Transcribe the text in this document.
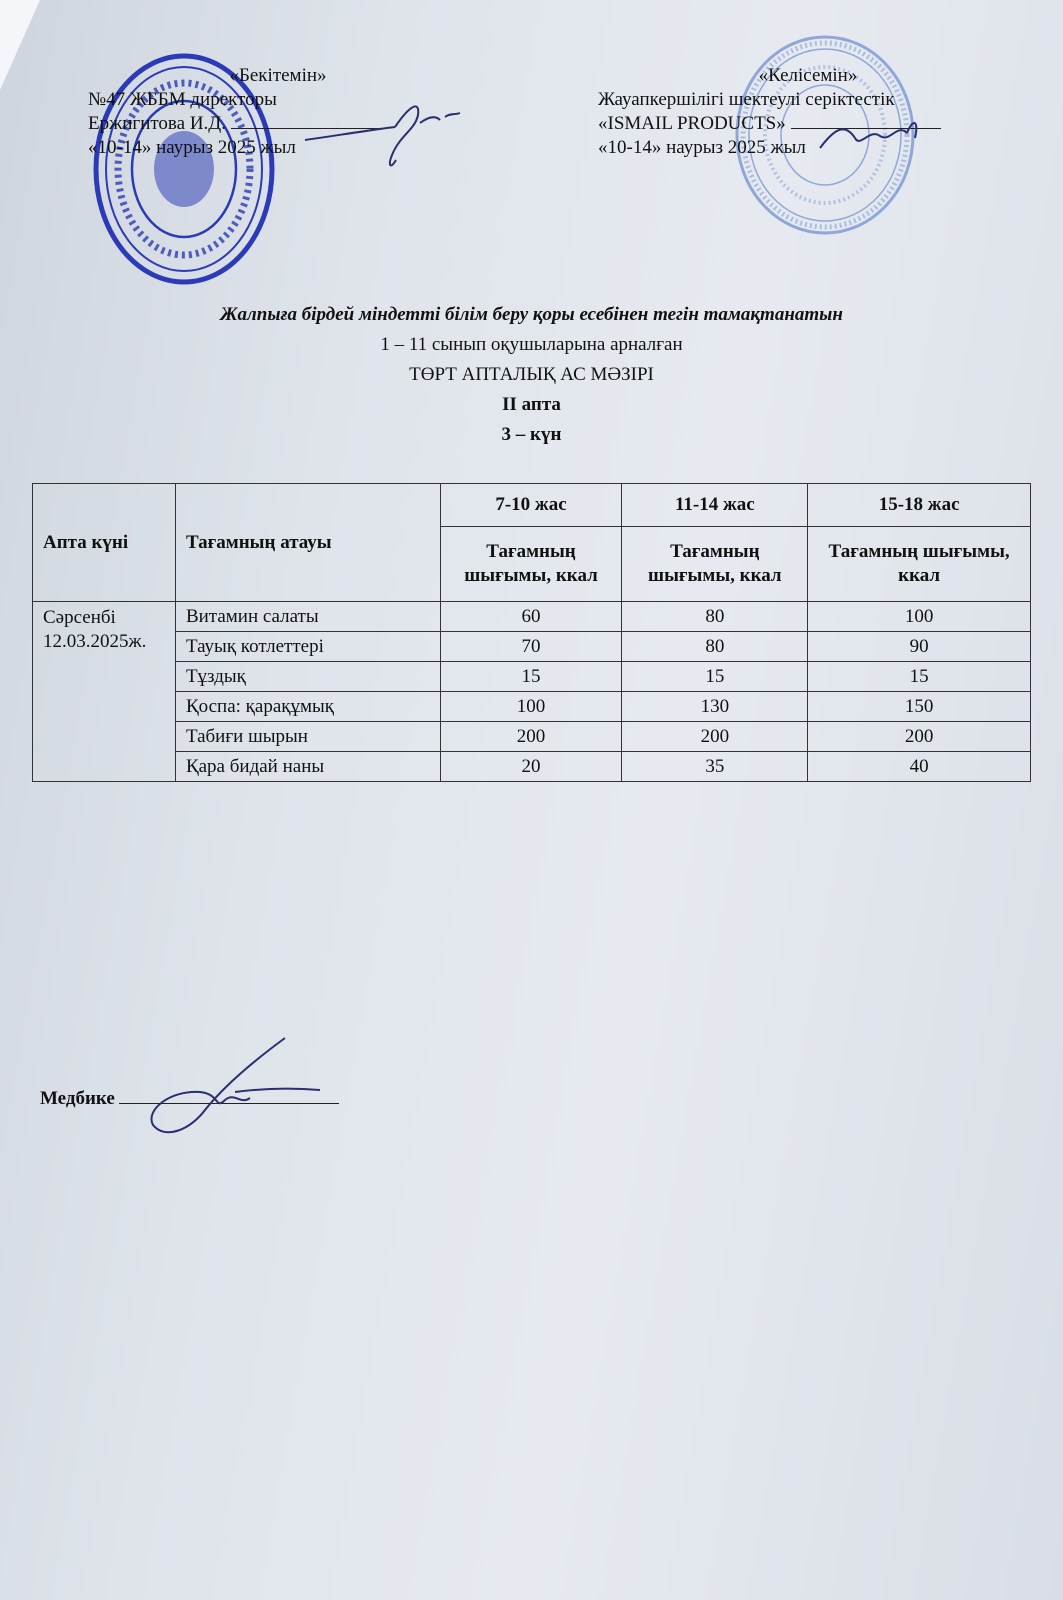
«Бекітемін»
№47 ЖББМ директоры
Ержигитова И.Д.
«10-14» наурыз 2025 жыл
«Келісемін»
Жауапкершілігі шектеулі серіктестік
«ISMAIL PRODUCTS»
«10-14» наурыз 2025 жыл
Жалпыға бірдей міндетті білім беру қоры есебінен тегін тамақтанатын
1 – 11 сынып оқушыларына арналған
ТӨРТ АПТАЛЫҚ АС МӘЗІРІ
ІІ апта
3 – күн
Апта күні	Тағамның атауы	7-10 жас	11-14 жас	15-18 жас
		Тағамның шығымы, ккал	Тағамның шығымы, ккал	Тағамның шығымы, ккал
Сәрсенбі
12.03.2025ж.	Витамин салаты	60	80	100
	Тауық котлеттері	70	80	90
	Тұздық	15	15	15
	Қоспа: қарақұмық	100	130	150
	Табиғи шырын	200	200	200
	Қара бидай наны	20	35	40
Медбике
